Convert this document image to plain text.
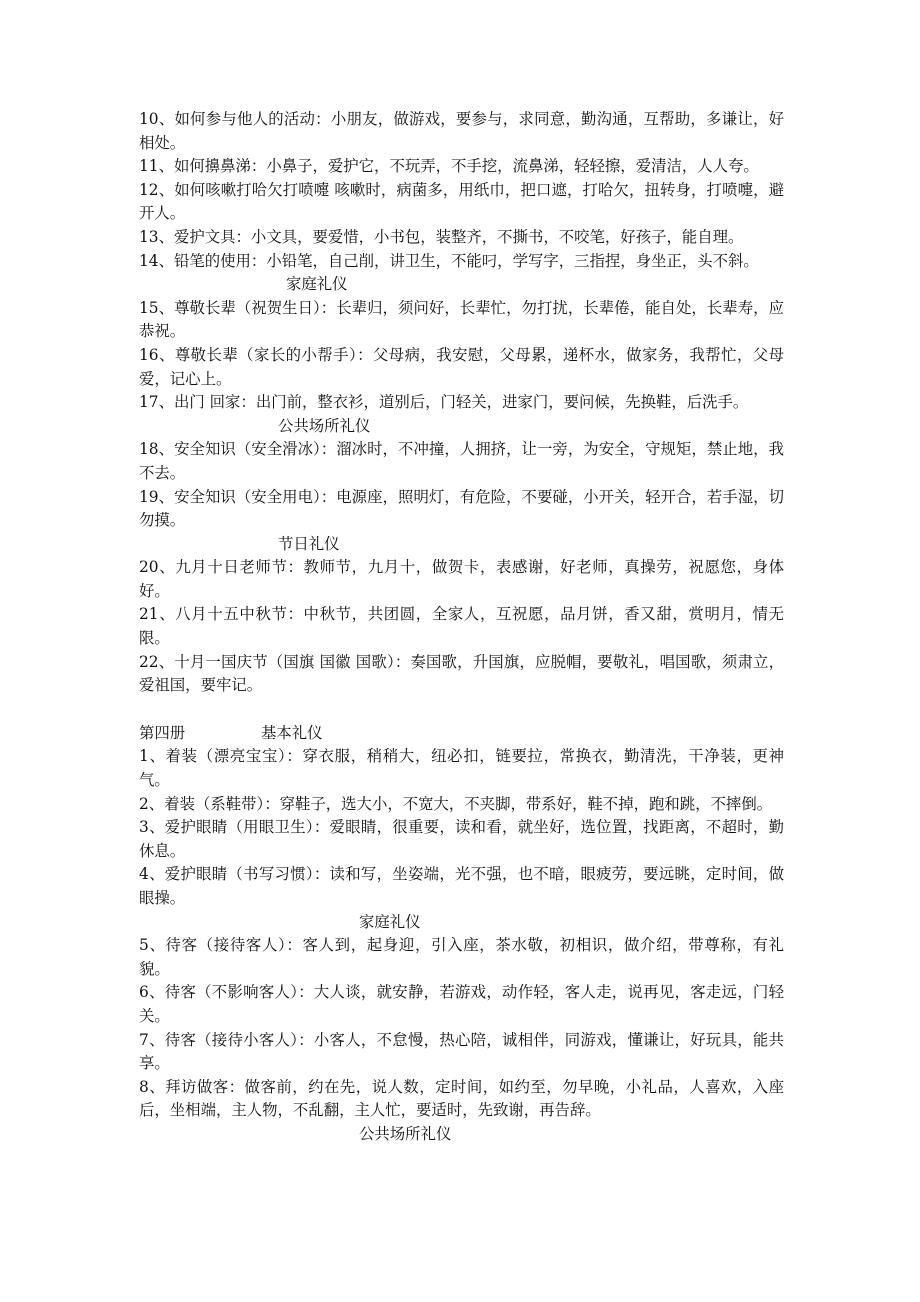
10、如何参与他人的活动：小朋友，做游戏，要参与，求同意，勤沟通，互帮助，多谦让，好相处。

11、如何擤鼻涕：小鼻子，爱护它，不玩弄，不手挖，流鼻涕，轻轻擦，爱清洁，人人夸。

12、如何咳嗽打哈欠打喷嚏 咳嗽时，病菌多，用纸巾，把口遮，打哈欠，扭转身，打喷嚏，避开人。

13、爱护文具：小文具，要爱惜，小书包，装整齐，不撕书，不咬笔，好孩子，能自理。

14、铅笔的使用：小铅笔，自己削，讲卫生，不能叼，学写字，三指捏，身坐正，头不斜。

家庭礼仪

15、尊敬长辈（祝贺生日）：长辈归，须问好，长辈忙，勿打扰，长辈倦，能自处，长辈寿，应恭祝。

16、尊敬长辈（家长的小帮手）：父母病，我安慰，父母累，递杯水，做家务，我帮忙，父母爱，记心上。

17、出门 回家：出门前，整衣衫，道别后，门轻关，进家门，要问候，先换鞋，后洗手。

公共场所礼仪

18、安全知识（安全滑冰）：溜冰时，不冲撞，人拥挤，让一旁，为安全，守规矩，禁止地，我不去。

19、安全知识（安全用电）：电源座，照明灯，有危险，不要碰，小开关，轻开合，若手湿，切勿摸。

节日礼仪

20、九月十日老师节：教师节，九月十，做贺卡，表感谢，好老师，真操劳，祝愿您，身体好。

21、八月十五中秋节：中秋节，共团圆，全家人，互祝愿，品月饼，香又甜，赏明月，情无限。

22、十月一国庆节（国旗 国徽 国歌）：奏国歌，升国旗，应脱帽，要敬礼，唱国歌，须肃立，爱祖国，要牢记。

第四册	基本礼仪

1、着装（漂亮宝宝）：穿衣服，稍稍大，纽必扣，链要拉，常换衣，勤清洗，干净装，更神气。

2、着装（系鞋带）：穿鞋子，选大小，不宽大，不夹脚，带系好，鞋不掉，跑和跳，不摔倒。

3、爱护眼睛（用眼卫生）：爱眼睛，很重要，读和看，就坐好，选位置，找距离，不超时，勤休息。

4、爱护眼睛（书写习惯）：读和写，坐姿端，光不强，也不暗，眼疲劳，要远眺，定时间，做眼操。

家庭礼仪

5、待客（接待客人）：客人到，起身迎，引入座，茶水敬，初相识，做介绍，带尊称，有礼貌。

6、待客（不影响客人）：大人谈，就安静，若游戏，动作轻，客人走，说再见，客走远，门轻关。

7、待客（接待小客人）：小客人，不怠慢，热心陪，诚相伴，同游戏，懂谦让，好玩具，能共享。

8、拜访做客：做客前，约在先，说人数，定时间，如约至，勿早晚，小礼品，人喜欢，入座后，坐相端，主人物，不乱翻，主人忙，要适时，先致谢，再告辞。

公共场所礼仪
